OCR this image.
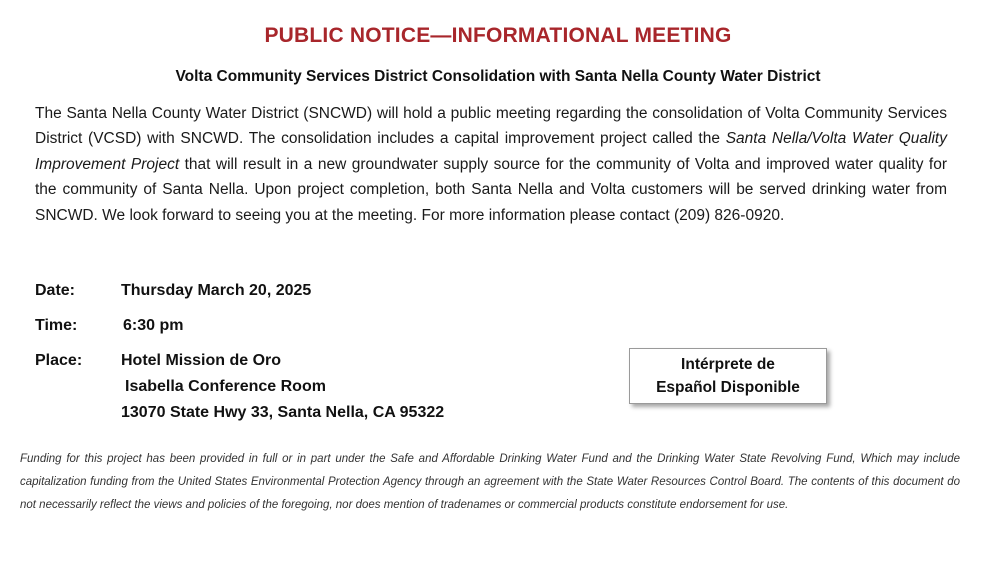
PUBLIC NOTICE—INFORMATIONAL MEETING
Volta Community Services District Consolidation with Santa Nella County Water District
The Santa Nella County Water District (SNCWD) will hold a public meeting regarding the consolidation of Volta Community Services District (VCSD) with SNCWD. The consolidation includes a capital improvement project called the Santa Nella/Volta Water Quality Improvement Project that will result in a new groundwater supply source for the community of Volta and improved water quality for the community of Santa Nella. Upon project completion, both Santa Nella and Volta customers will be served drinking water from SNCWD. We look forward to seeing you at the meeting. For more information please contact (209) 826-0920.
Date:	Thursday March 20, 2025
Time:	6:30 pm
Place: Hotel Mission de Oro
Isabella Conference Room
13070 State Hwy 33, Santa Nella, CA 95322
Intérprete de
Español Disponible
Funding for this project has been provided in full or in part under the Safe and Affordable Drinking Water Fund and the Drinking Water State Revolving Fund, Which may include capitalization funding from the United States Environmental Protection Agency through an agreement with the State Water Resources Control Board. The contents of this document do not necessarily reflect the views and policies of the foregoing, nor does mention of tradenames or commercial products constitute endorsement for use.
